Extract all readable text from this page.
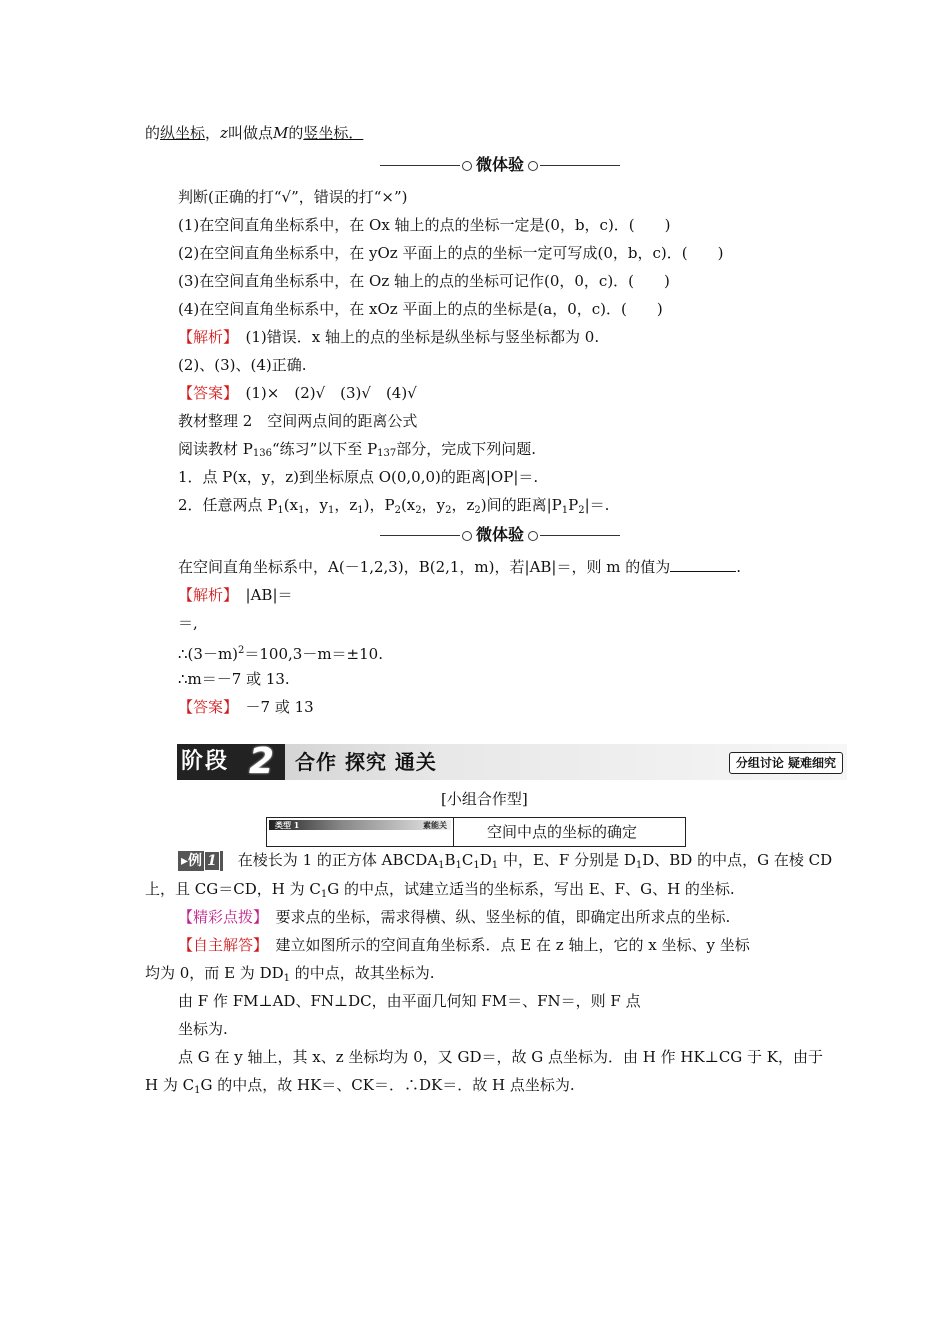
的纵坐标，z叫做点M的竖坐标．
微体验
判断(正确的打“√”，错误的打“×”)
(1)在空间直角坐标系中，在 Ox 轴上的点的坐标一定是(0，b，c)．(　　)
(2)在空间直角坐标系中，在 yOz 平面上的点的坐标一定可写成(0，b，c)．(　　)
(3)在空间直角坐标系中，在 Oz 轴上的点的坐标可记作(0，0，c)．(　　)
(4)在空间直角坐标系中，在 xOz 平面上的点的坐标是(a，0，c)．(　　)
【解析】　 (1)错误．x 轴上的点的坐标是纵坐标与竖坐标都为 0.
(2)、(3)、(4)正确.
【答案】　 (1)×　(2)√　(3)√　(4)√
教材整理 2　空间两点间的距离公式
阅读教材 P136“练习”以下至 P137部分，完成下列问题.
1．点 P(x，y，z)到坐标原点 O(0,0,0)的距离|OP|＝.
2．任意两点 $P_1(x_1$，$y_1$，$z_1$)，$P_2(x_2$，$y_2$，$z_2$)间的距离$|P_1P_2|=$.
微体验
在空间直角坐标系中，A(－1,2,3)，B(2,1，m)，若|AB|＝，则 m 的值为	.
【解析】　 |AB|＝
＝,
$\therefore(3-m)^2=100,3-m=\pm 10$.
∴m＝－7 或 13.
【答案】　 －7 或 13
阶段 2 合作 探究 通关	分组讨论 疑难细究
[小组合作型]
类型 1	素能关	空间中点的坐标的确定
▸例 1　 在棱长为 1 的正方体 $ABCDA_1B_1C_1D_1$ 中，E、F 分别是 $D_1D$、BD 的中点，G 在棱 CD
上，且 CG＝CD，H 为 $C_1G$ 的中点，试建立适当的坐标系，写出 E、F、G、H 的坐标.
【精彩点拨】　 要求点的坐标，需求得横、纵、竖坐标的值，即确定出所求点的坐标.
【自主解答】　 建立如图所示的空间直角坐标系．点 E 在 z 轴上，它的 x 坐标、y 坐标
均为 0，而 E 为 $DD_1$ 的中点，故其坐标为.
由 F 作 FM⊥AD、FN⊥DC，由平面几何知 FM＝、FN＝，则 F 点
坐标为.
点 G 在 y 轴上，其 x、z 坐标均为 0，又 GD＝，故 G 点坐标为．由 H 作 HK⊥CG 于 K，由于
H 为 $C_1G$ 的中点，故 HK＝、CK＝．∴DK＝．故 H 点坐标为.
